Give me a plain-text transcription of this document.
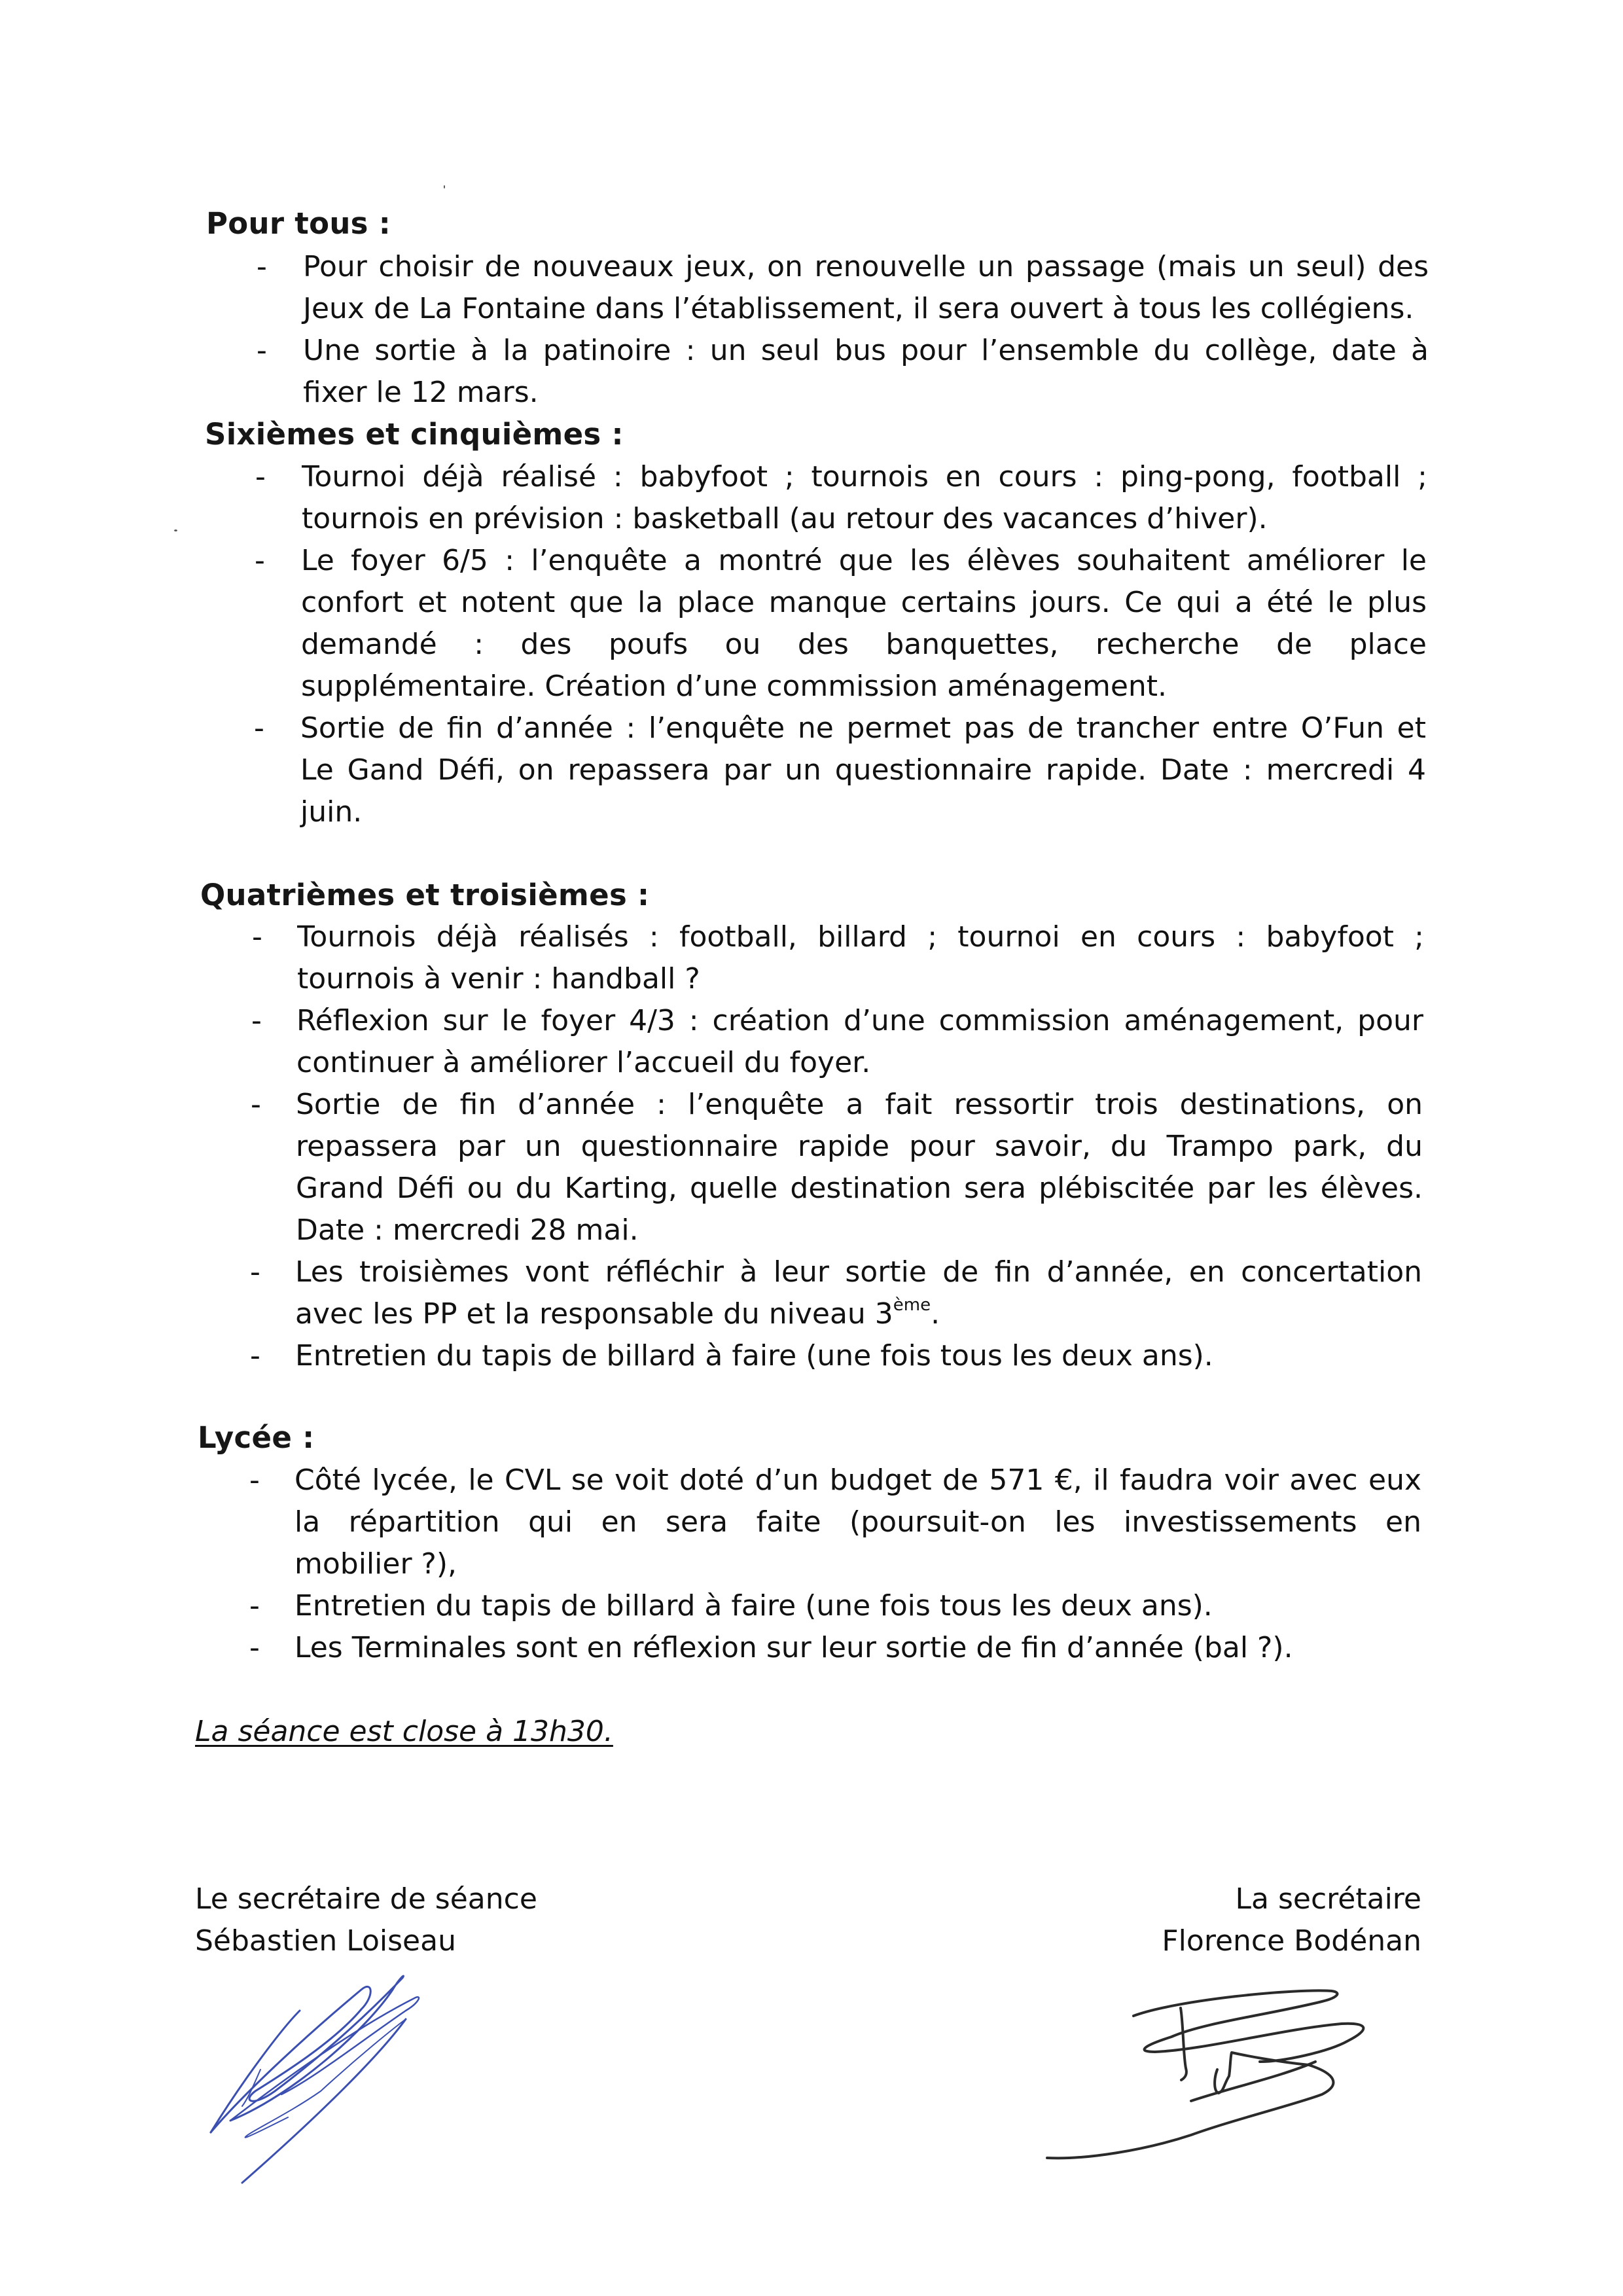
Pour tous :
- Pour choisir de nouveaux jeux, on renouvelle un passage (mais un seul) des
Jeux de La Fontaine dans l’établissement, il sera ouvert à tous les collégiens.
- Une sortie à la patinoire : un seul bus pour l’ensemble du collège, date à
fixer le 12 mars.
Sixièmes et cinquièmes :
- Tournoi déjà réalisé : babyfoot ; tournois en cours : ping-pong, football ;
tournois en prévision : basketball (au retour des vacances d’hiver).
- Le foyer 6/5 : l’enquête a montré que les élèves souhaitent améliorer le
confort et notent que la place manque certains jours. Ce qui a été le plus
demandé : des poufs ou des banquettes, recherche de place
supplémentaire. Création d’une commission aménagement.
- Sortie de fin d’année : l’enquête ne permet pas de trancher entre O’Fun et
Le Gand Défi, on repassera par un questionnaire rapide. Date : mercredi 4
juin.
Quatrièmes et troisièmes :
- Tournois déjà réalisés : football, billard ; tournoi en cours : babyfoot ;
tournois à venir : handball ?
- Réflexion sur le foyer 4/3 : création d’une commission aménagement, pour
continuer à améliorer l’accueil du foyer.
- Sortie de fin d’année : l’enquête a fait ressortir trois destinations, on
repassera par un questionnaire rapide pour savoir, du Trampo park, du
Grand Défi ou du Karting, quelle destination sera plébiscitée par les élèves.
Date : mercredi 28 mai.
- Les troisièmes vont réfléchir à leur sortie de fin d’année, en concertation
avec les PP et la responsable du niveau 3ème.
- Entretien du tapis de billard à faire (une fois tous les deux ans).
Lycée :
- Côté lycée, le CVL se voit doté d’un budget de 571 €, il faudra voir avec eux
la répartition qui en sera faite (poursuit-on les investissements en
mobilier ?),
- Entretien du tapis de billard à faire (une fois tous les deux ans).
- Les Terminales sont en réflexion sur leur sortie de fin d’année (bal ?).
La séance est close à 13h30.
Le secrétaire de séance
Sébastien Loiseau
La secrétaire
Florence Bodénan
